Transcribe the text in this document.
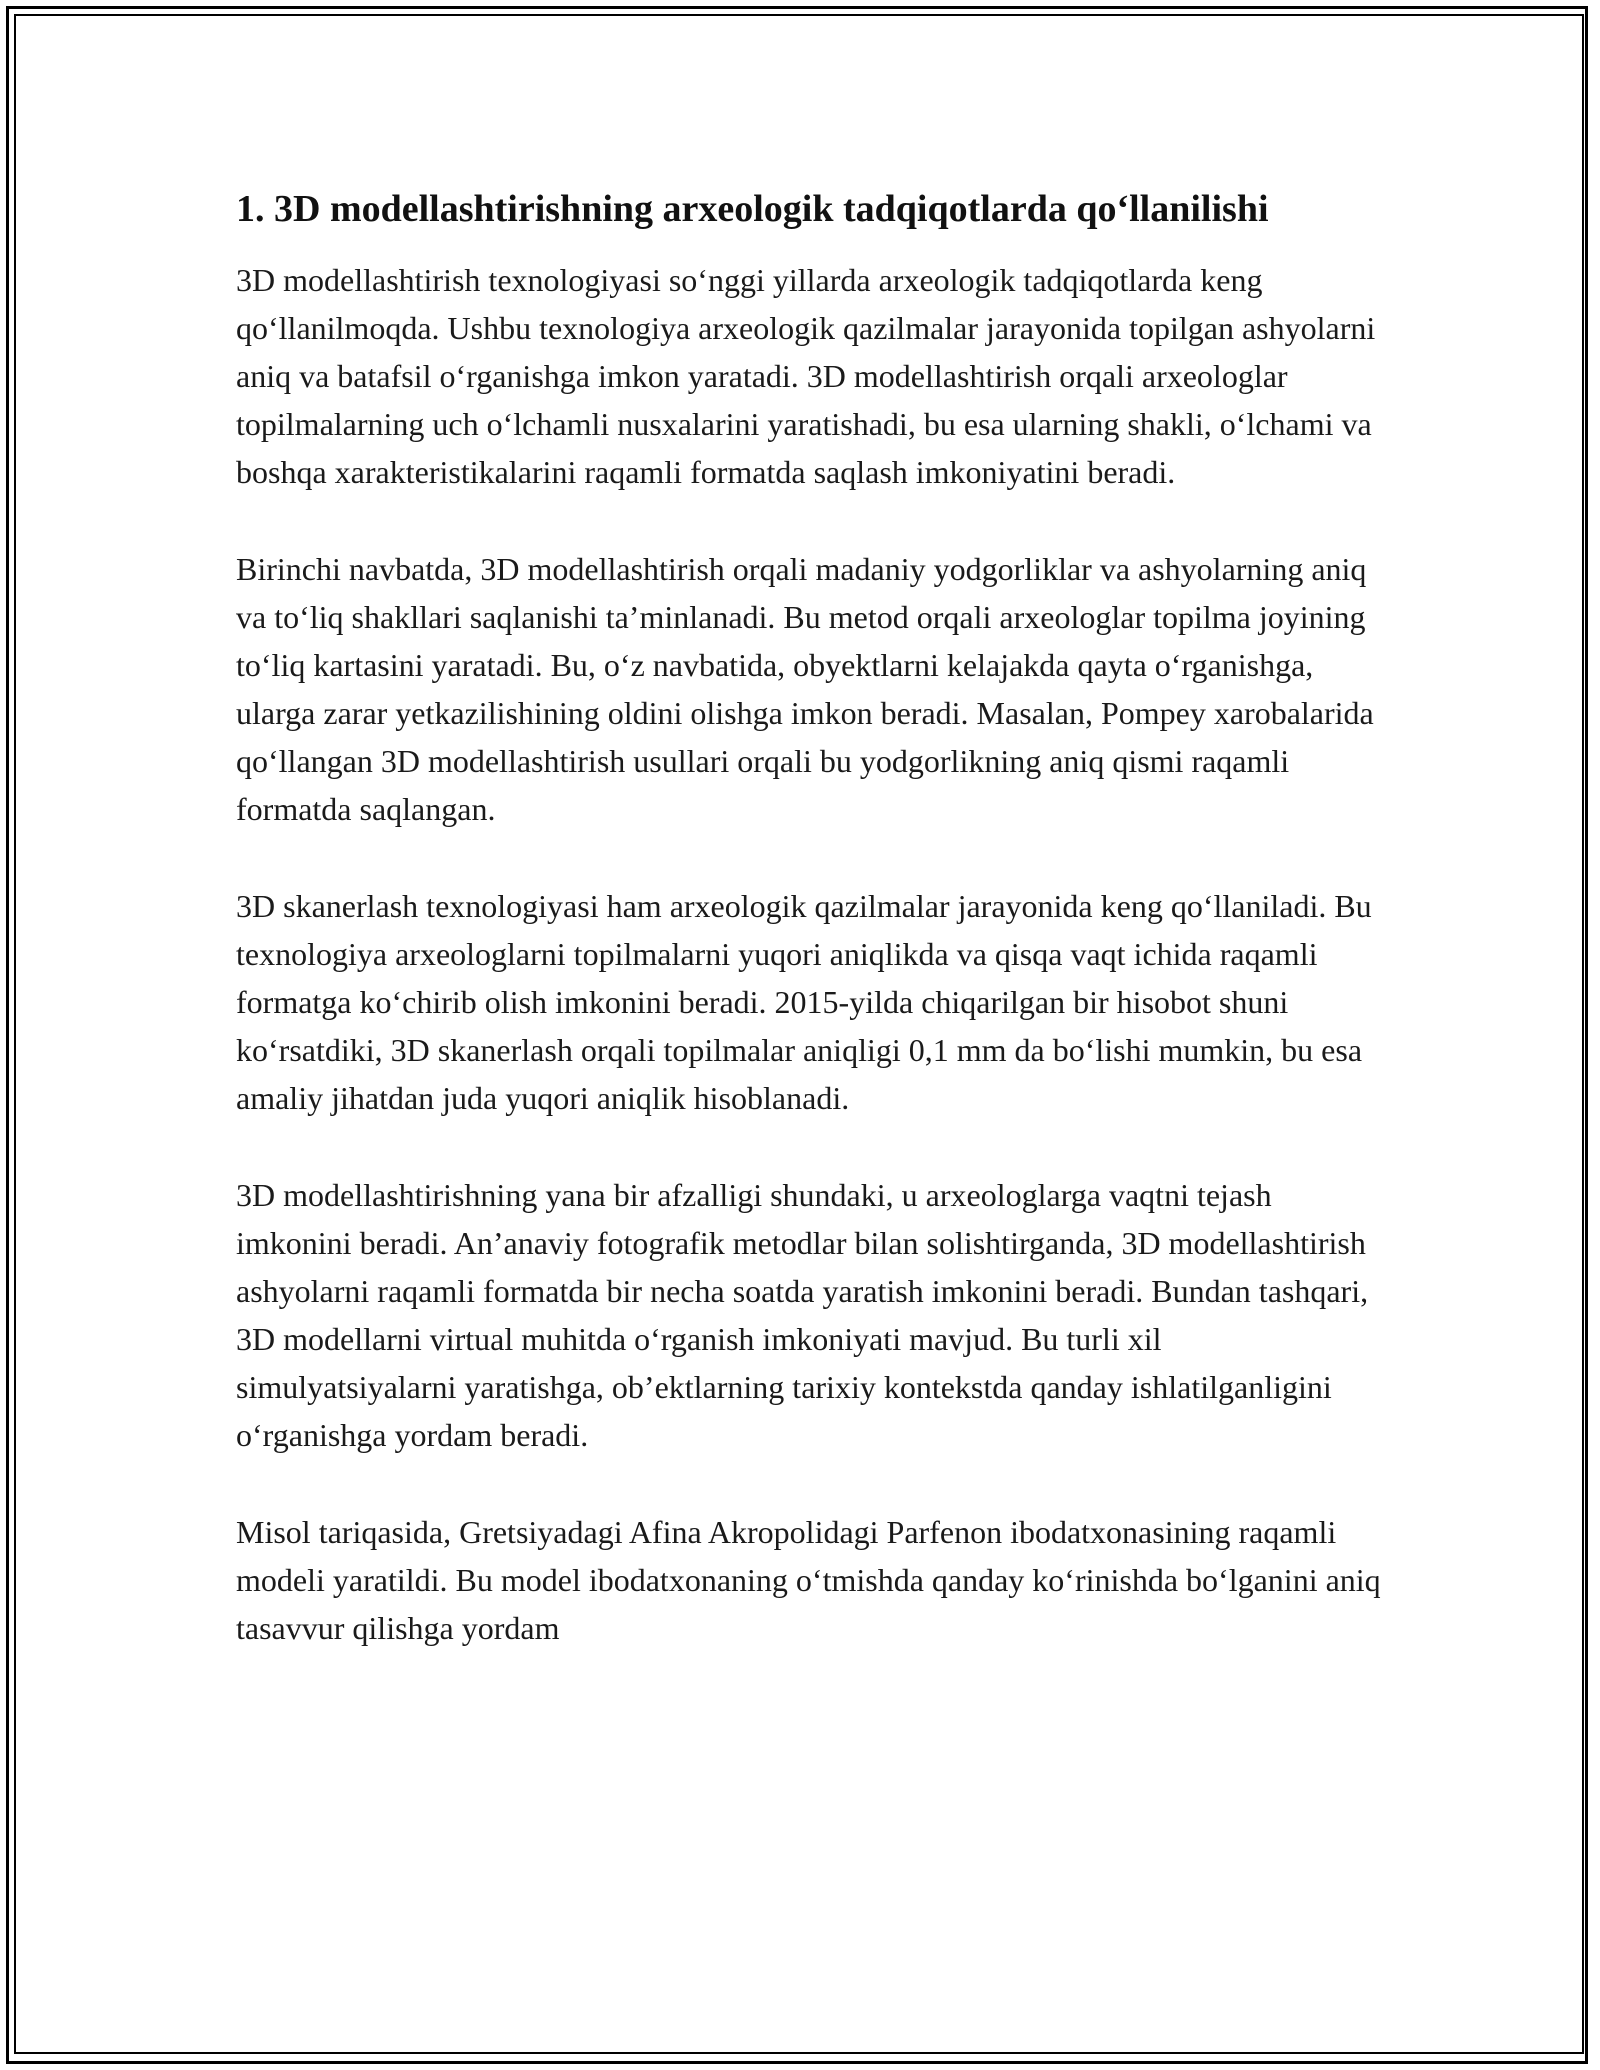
1. 3D modellashtirishning arxeologik tadqiqotlarda qo‘llanilishi

3D modellashtirish texnologiyasi so‘nggi yillarda arxeologik tadqiqotlarda keng qo‘llanilmoqda. Ushbu texnologiya arxeologik qazilmalar jarayonida topilgan ashyolarni aniq va batafsil o‘rganishga imkon yaratadi. 3D modellashtirish orqali arxeologlar topilmalarning uch o‘lchamli nusxalarini yaratishadi, bu esa ularning shakli, o‘lchami va boshqa xarakteristikalarini raqamli formatda saqlash imkoniyatini beradi.

Birinchi navbatda, 3D modellashtirish orqali madaniy yodgorliklar va ashyolarning aniq va to‘liq shakllari saqlanishi ta’minlanadi. Bu metod orqali arxeologlar topilma joyining to‘liq kartasini yaratadi. Bu, o‘z navbatida, obyektlarni kelajakda qayta o‘rganishga, ularga zarar yetkazilishining oldini olishga imkon beradi. Masalan, Pompey xarobalarida qo‘llangan 3D modellashtirish usullari orqali bu yodgorlikning aniq qismi raqamli formatda saqlangan.

3D skanerlash texnologiyasi ham arxeologik qazilmalar jarayonida keng qo‘llaniladi. Bu texnologiya arxeologlarni topilmalarni yuqori aniqlikda va qisqa vaqt ichida raqamli formatga ko‘chirib olish imkonini beradi. 2015-yilda chiqarilgan bir hisobot shuni ko‘rsatdiki, 3D skanerlash orqali topilmalar aniqligi 0,1 mm da bo‘lishi mumkin, bu esa amaliy jihatdan juda yuqori aniqlik hisoblanadi.

3D modellashtirishning yana bir afzalligi shundaki, u arxeologlarga vaqtni tejash imkonini beradi. An’anaviy fotografik metodlar bilan solishtirganda, 3D modellashtirish ashyolarni raqamli formatda bir necha soatda yaratish imkonini beradi. Bundan tashqari, 3D modellarni virtual muhitda o‘rganish imkoniyati mavjud. Bu turli xil simulyatsiyalarni yaratishga, ob’ektlarning tarixiy kontekstda qanday ishlatilganligini o‘rganishga yordam beradi.

Misol tariqasida, Gretsiyadagi Afina Akropolidagi Parfenon ibodatxonasining raqamli modeli yaratildi. Bu model ibodatxonaning o‘tmishda qanday ko‘rinishda bo‘lganini aniq tasavvur qilishga yordam
